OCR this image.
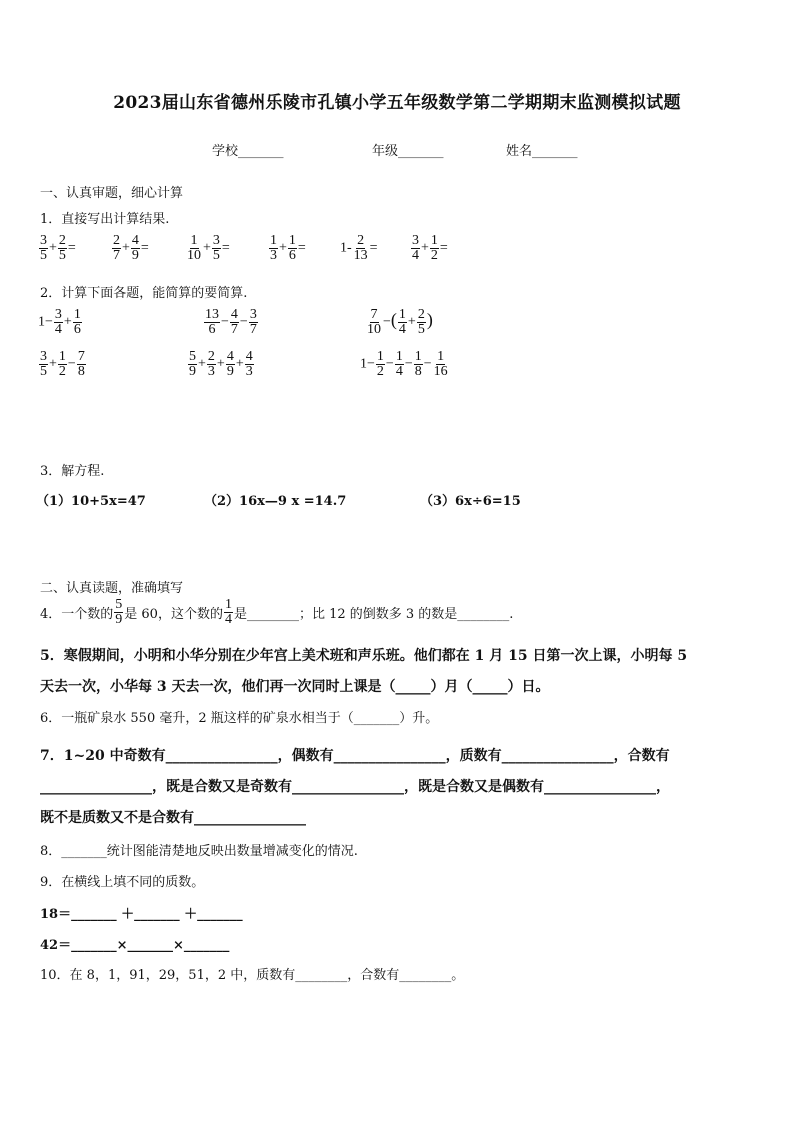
2023届山东省德州乐陵市孔镇小学五年级数学第二学期期末监测模拟试题
学校_______	年级_______	姓名_______
一、认真审题，细心计算
1．直接写出计算结果.
$\frac{3}{5} + \frac{2}{5}$ =	$\frac{2}{7} + \frac{4}{9}$ =	$\frac{1}{10} + \frac{3}{5}$ =	$\frac{1}{3} + \frac{1}{6} = 1- \frac{2}{13} = \frac{3}{4} + \frac{1}{2}$ =
2．计算下面各题，能简算的要简算.
$1- \frac{3}{4} + \frac{1}{6}$	$\frac{13}{6} - \frac{4}{7} - \frac{3}{7}$	$\frac{7}{10}$ −( $\frac{1}{4} + \frac{2}{5}$ )
$\frac{3}{5} + \frac{1}{2} - \frac{7}{8}$	$\frac{5}{9} + \frac{2}{3} + \frac{4}{9} + \frac{4}{3}$	$1- \frac{1}{2} - \frac{1}{4} - \frac{1}{8} - \frac{1}{16}$
3．解方程.
（1）10+5x=47	（2）16x—9 x =14.7	（3）6x÷6=15
二、认真读题，准确填写
4．一个数的 $\frac{5}{9}$ 是 60，这个数的 $\frac{1}{4}$ 是________；比 12 的倒数多 3 的数是________.
5．寒假期间，小明和小华分别在少年宫上美术班和声乐班。他们都在 1 月 15 日第一次上课，小明每 5
天去一次，小华每 3 天去一次，他们再一次同时上课是（_____）月（_____）日。
6．一瓶矿泉水 550 毫升，2 瓶这样的矿泉水相当于（_______）升。
7．1~20 中奇数有________________，偶数有________________，质数有________________，合数有
________________，既是合数又是奇数有________________，既是合数又是偶数有________________，
既不是质数又不是合数有________________
8．_______统计图能清楚地反映出数量增减变化的情况.
9．在横线上填不同的质数。
18＝_______ ＋_______ ＋_______
42＝_______×_______×_______
10．在 8，1，91，29，51，2 中，质数有________，合数有________。
